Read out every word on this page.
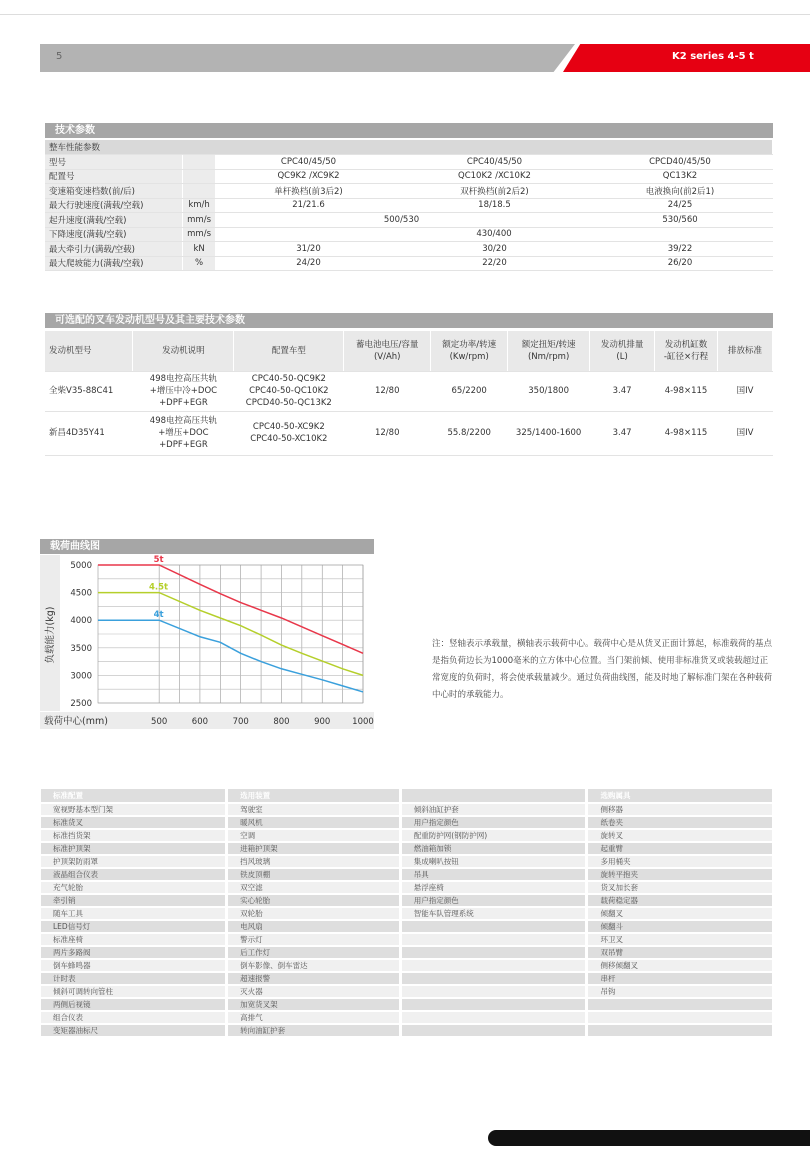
5	K2 series 4-5 t
技术参数
整车性能参数				
型号		CPC40/45/50	CPC40/45/50	CPCD40/45/50
配置号		QC9K2 /XC9K2	QC10K2 /XC10K2	QC13K2
变速箱变速档数(前/后)		单杆换档(前3后2)	双杆换档(前2后2)	电液换向(前2后1)
最大行驶速度(满载/空载)	km/h	21/21.6	18/18.5	24/25
起升速度(满载/空载)	mm/s	500/530		530/560
下降速度(满载/空载)	mm/s	430/400		
最大牵引力(满载/空载)	kN	31/20	30/20	39/22
最大爬坡能力(满载/空载)	%	24/20	22/20	26/20
可选配的叉车发动机型号及其主要技术参数
发动机型号	发动机说明	配置车型	蓄电池电压/容量
(V/Ah)	额定功率/转速
(Kw/rpm)	额定扭矩/转速
(Nm/rpm)	发动机排量
(L)	发动机缸数
-缸径×行程	排放标准
全柴V35-88C41	498电控高压共轨
+增压中冷+DOC
+DPF+EGR	CPC40-50-QC9K2
CPC40-50-QC10K2
CPCD40-50-QC13K2	12/80	65/2200	350/1800	3.47	4-98×115	国IV
新昌4D35Y41	498电控高压共轨
+增压+DOC
+DPF+EGR	CPC40-50-XC9K2
CPC40-50-XC10K2	12/80	55.8/2200	325/1400-1600	3.47	4-98×115	国IV
载荷曲线图
5000
4500
4000
3500
3000
2500
500	600	700	800	900	1000
载荷中心(mm)
负载能力(kg)
5t
4.5t
4t
注：竖轴表示承载量，横轴表示载荷中心。载荷中心是从货叉正面计算起，标准载荷的基点是指负荷边长为1000毫米的立方体中心位置。当门架前倾、使用非标准货叉或装载超过正常宽度的负荷时，将会使承载量减少。通过负荷曲线图，能及时地了解标准门架在各种载荷中心时的承载能力。
标准配置	选用装置		选购属具
宽视野基本型门架	驾驶室	倾斜油缸护套	侧移器
标准货叉	暖风机	用户指定颜色	纸卷夹
标准挡货架	空调	配重防护网(钢防护网)	旋转叉
标准护顶架	进箱护顶架	燃油箱加锁	起重臂
护顶架防雨罩	挡风玻璃	集成喇叭按钮	多用桶夹
液晶组合仪表	铁皮顶棚	吊具	旋转平抱夹
充气轮胎	双空滤	悬浮座椅	货叉加长套
牵引销	实心轮胎	用户指定颜色	载荷稳定器
随车工具	双轮胎	智能车队管理系统	倾翻叉
LED信号灯	电风扇		倾翻斗
标准座椅	警示灯		环卫叉
两片多路阀	后工作灯		双吊臂
倒车蜂鸣器	倒车影像、倒车雷达		侧移倾翻叉
计时表	超速报警		串杆
倾斜可调转向管柱	灭火器		吊钩
两侧后视镜	加宽货叉架		
组合仪表	高排气		
变矩器油标尺	转向油缸护套		
